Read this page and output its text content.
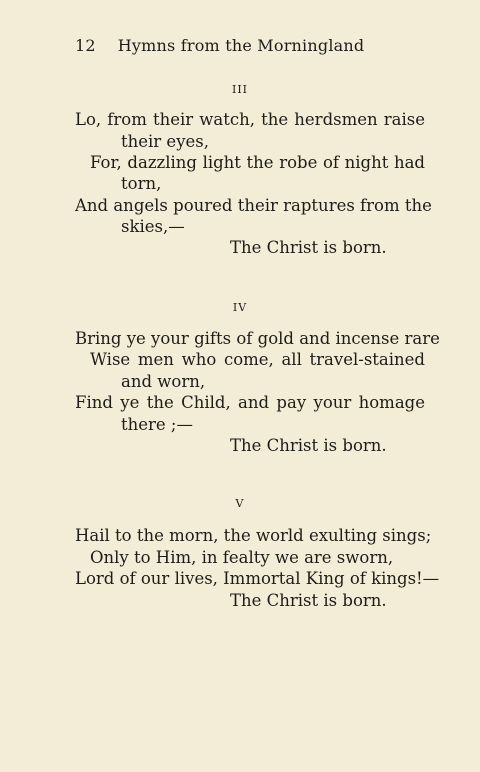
12 Hymns from the Morningland
III
Lo, from their watch, the herdsmen raise
their eyes,
For, dazzling light the robe of night had
torn,
And angels poured their raptures from the
skies,—
The Christ is born.
IV
Bring ye your gifts of gold and incense rare
Wise men who come, all travel-stained
and worn,
Find ye the Child, and pay your homage
there ;—
The Christ is born.
V
Hail to the morn, the world exulting sings;
Only to Him, in fealty we are sworn,
Lord of our lives, Immortal King of kings!—
The Christ is born.
